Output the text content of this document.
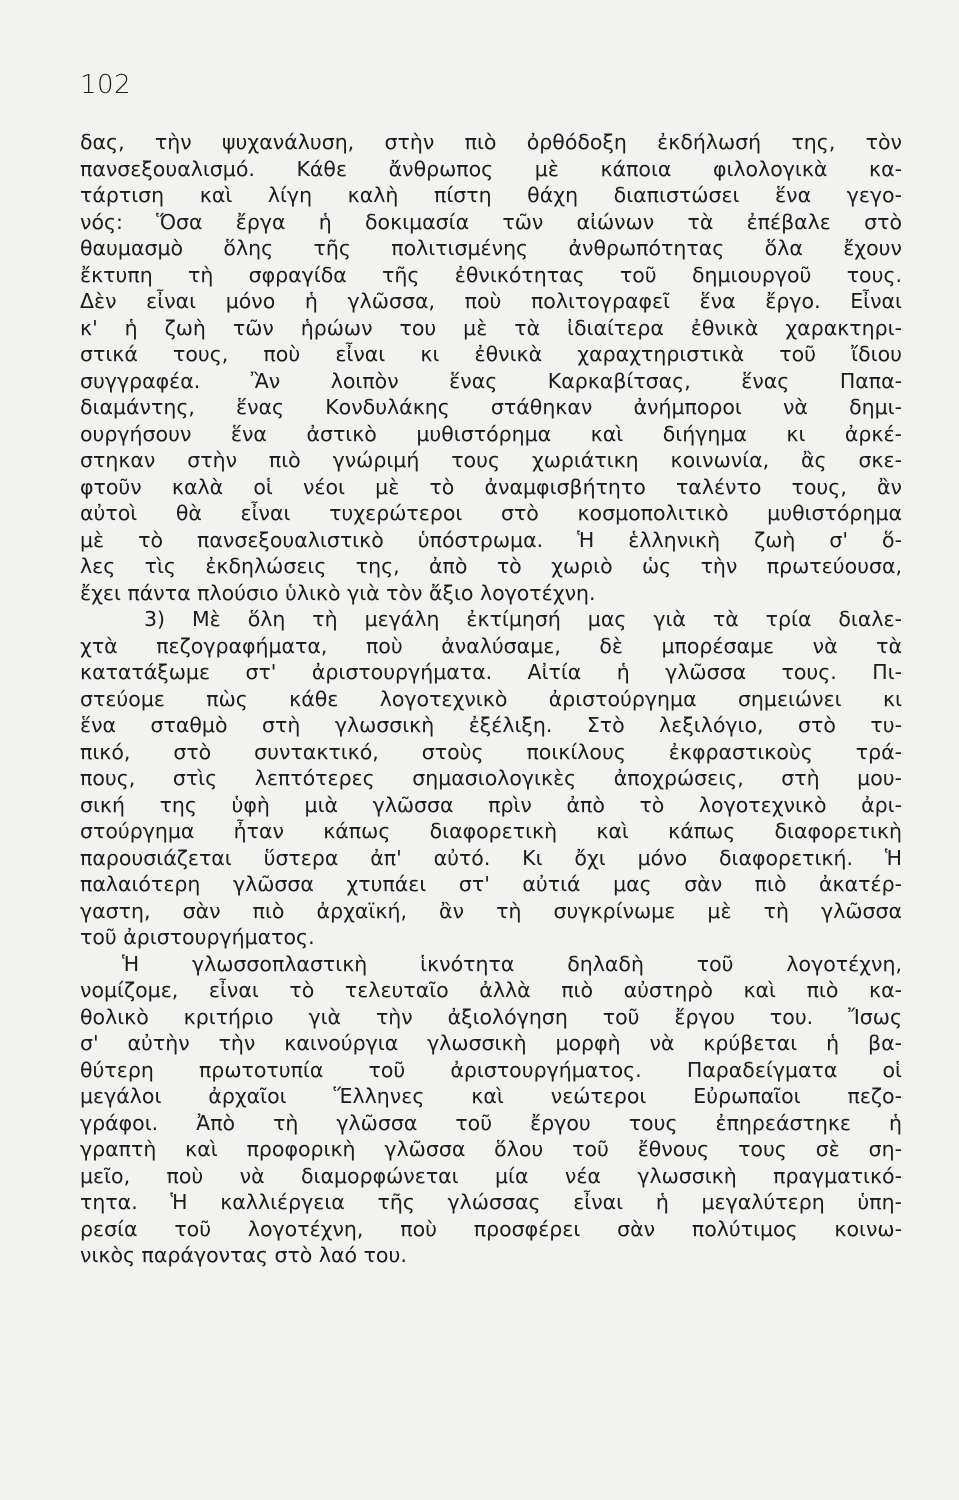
102
δας, τὴν ψυχανάλυση, στὴν πιὸ ὀρθόδοξη ἐκδήλωσή της, τὸν
πανσεξουαλισμό. Κάθε ἄνθρωπος μὲ κάποια φιλολογικὰ κα-
τάρτιση καὶ λίγη καλὴ πίστη θάχη διαπιστώσει ἕνα γεγο-
νός: Ὅσα ἔργα ἡ δοκιμασία τῶν αἰώνων τὰ ἐπέβαλε στὸ
θαυμασμὸ ὅλης τῆς πολιτισμένης ἀνθρωπότητας ὅλα ἔχουν
ἔκτυπη τὴ σφραγίδα τῆς ἐθνικότητας τοῦ δημιουργοῦ τους.
Δὲν εἶναι μόνο ἡ γλῶσσα, ποὺ πολιτογραφεῖ ἕνα ἔργο. Εἶναι
κ' ἡ ζωὴ τῶν ἡρώων του μὲ τὰ ἰδιαίτερα ἐθνικὰ χαρακτηρι-
στικά τους, ποὺ εἶναι κι ἐθνικὰ χαραχτηριστικὰ τοῦ ἴδιου
συγγραφέα. Ἂν λοιπὸν ἕνας Καρκαβίτσας, ἕνας Παπα-
διαμάντης, ἕνας Κονδυλάκης στάθηκαν ἀνήμποροι νὰ δημι-
ουργήσουν ἕνα ἀστικὸ μυθιστόρημα καὶ διήγημα κι ἀρκέ-
στηκαν στὴν πιὸ γνώριμή τους χωριάτικη κοινωνία, ἂς σκε-
φτοῦν καλὰ οἱ νέοι μὲ τὸ ἀναμφισβήτητο ταλέντο τους, ἂν
αὐτοὶ θὰ εἶναι τυχερώτεροι στὸ κοσμοπολιτικὸ μυθιστόρημα
μὲ τὸ πανσεξουαλιστικὸ ὑπόστρωμα. Ἡ ἑλληνικὴ ζωὴ σ' ὅ-
λες τὶς ἐκδηλώσεις της, ἀπὸ τὸ χωριὸ ὡς τὴν πρωτεύουσα,
ἔχει πάντα πλούσιο ὑλικὸ γιὰ τὸν ἄξιο λογοτέχνη.
3) Μὲ ὅλη τὴ μεγάλη ἐκτίμησή μας γιὰ τὰ τρία διαλε-
χτὰ πεζογραφήματα, ποὺ ἀναλύσαμε, δὲ μπορέσαμε νὰ τὰ
κατατάξωμε στ' ἀριστουργήματα. Αἰτία ἡ γλῶσσα τους. Πι-
στεύομε πὼς κάθε λογοτεχνικὸ ἀριστούργημα σημειώνει κι
ἕνα σταθμὸ στὴ γλωσσικὴ ἐξέλιξη. Στὸ λεξιλόγιο, στὸ τυ-
πικό, στὸ συντακτικό, στοὺς ποικίλους ἐκφραστικοὺς τρά-
πους, στὶς λεπτότερες σημασιολογικὲς ἀποχρώσεις, στὴ μου-
σική της ὑφὴ μιὰ γλῶσσα πρὶν ἀπὸ τὸ λογοτεχνικὸ ἀρι-
στούργημα ἦταν κάπως διαφορετικὴ καὶ κάπως διαφορετικὴ
παρουσιάζεται ὕστερα ἀπ' αὐτό. Κι ὄχι μόνο διαφορετική. Ἡ
παλαιότερη γλῶσσα χτυπάει στ' αὐτιά μας σὰν πιὸ ἀκατέρ-
γαστη, σὰν πιὸ ἀρχαϊκή, ἂν τὴ συγκρίνωμε μὲ τὴ γλῶσσα
τοῦ ἀριστουργήματος.
Ἡ γλωσσοπλαστικὴ ἱκνότητα δηλαδὴ τοῦ λογοτέχνη,
νομίζομε, εἶναι τὸ τελευταῖο ἀλλὰ πιὸ αὐστηρὸ καὶ πιὸ κα-
θολικὸ κριτήριο γιὰ τὴν ἀξιολόγηση τοῦ ἔργου του. Ἴσως
σ' αὐτὴν τὴν καινούργια γλωσσικὴ μορφὴ νὰ κρύβεται ἡ βα-
θύτερη πρωτοτυπία τοῦ ἀριστουργήματος. Παραδείγματα οἱ
μεγάλοι ἀρχαῖοι Ἕλληνες καὶ νεώτεροι Εὐρωπαῖοι πεζο-
γράφοι. Ἀπὸ τὴ γλῶσσα τοῦ ἔργου τους ἐπηρεάστηκε ἡ
γραπτὴ καὶ προφορικὴ γλῶσσα ὅλου τοῦ ἔθνους τους σὲ ση-
μεῖο, ποὺ νὰ διαμορφώνεται μία νέα γλωσσικὴ πραγματικό-
τητα. Ἡ καλλιέργεια τῆς γλώσσας εἶναι ἡ μεγαλύτερη ὑπη-
ρεσία τοῦ λογοτέχνη, ποὺ προσφέρει σὰν πολύτιμος κοινω-
νικὸς παράγοντας στὸ λαό του.
